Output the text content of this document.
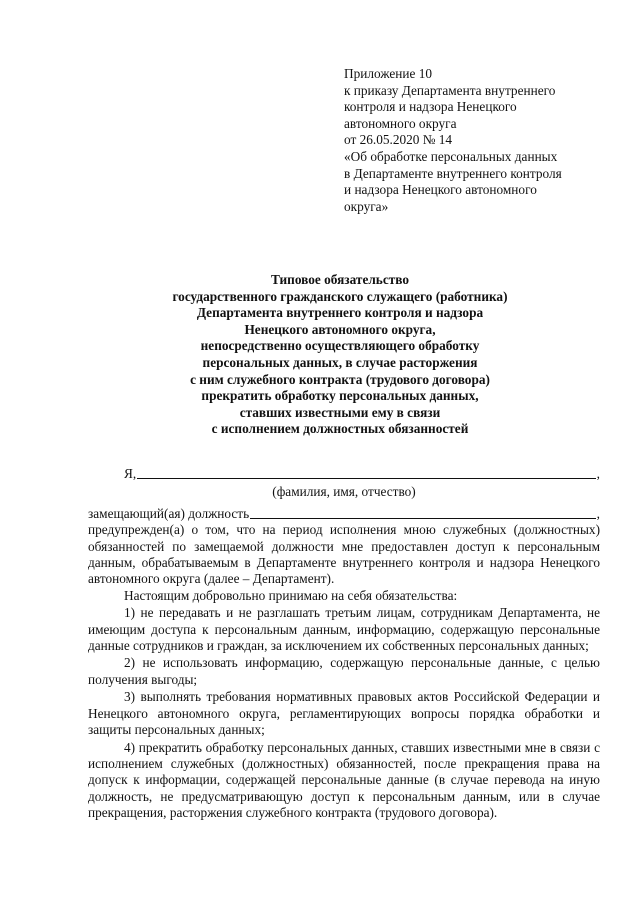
Приложение 10
к приказу Департамента внутреннего
контроля и надзора Ненецкого
автономного округа
от 26.05.2020 № 14
«Об обработке персональных данных
в Департаменте внутреннего контроля
и надзора Ненецкого автономного
округа»
Типовое обязательство
государственного гражданского служащего (работника)
Департамента внутреннего контроля и надзора
Ненецкого автономного округа,
непосредственно осуществляющего обработку
персональных данных, в случае расторжения
с ним служебного контракта (трудового договора)
прекратить обработку персональных данных,
ставших известными ему в связи
с исполнением должностных обязанностей
Я,	,
(фамилия, имя, отчество)
замещающий(ая) должность	,

предупрежден(а) о том, что на период исполнения мною служебных (должностных) обязанностей по замещаемой должности мне предоставлен доступ к персональным данным, обрабатываемым в Департаменте внутреннего контроля и надзора Ненецкого автономного округа (далее – Департамент).

Настоящим добровольно принимаю на себя обязательства:

1) не передавать и не разглашать третьим лицам, сотрудникам Департамента, не имеющим доступа к персональным данным, информацию, содержащую персональные данные сотрудников и граждан, за исключением их собственных персональных данных;

2) не использовать информацию, содержащую персональные данные, с целью получения выгоды;

3) выполнять требования нормативных правовых актов Российской Федерации и Ненецкого автономного округа, регламентирующих вопросы порядка обработки и защиты персональных данных;

4) прекратить обработку персональных данных, ставших известными мне в связи с исполнением служебных (должностных) обязанностей, после прекращения права на допуск к информации, содержащей персональные данные (в случае перевода на иную должность, не предусматривающую доступ к персональным данным, или в случае прекращения, расторжения служебного контракта (трудового договора).
